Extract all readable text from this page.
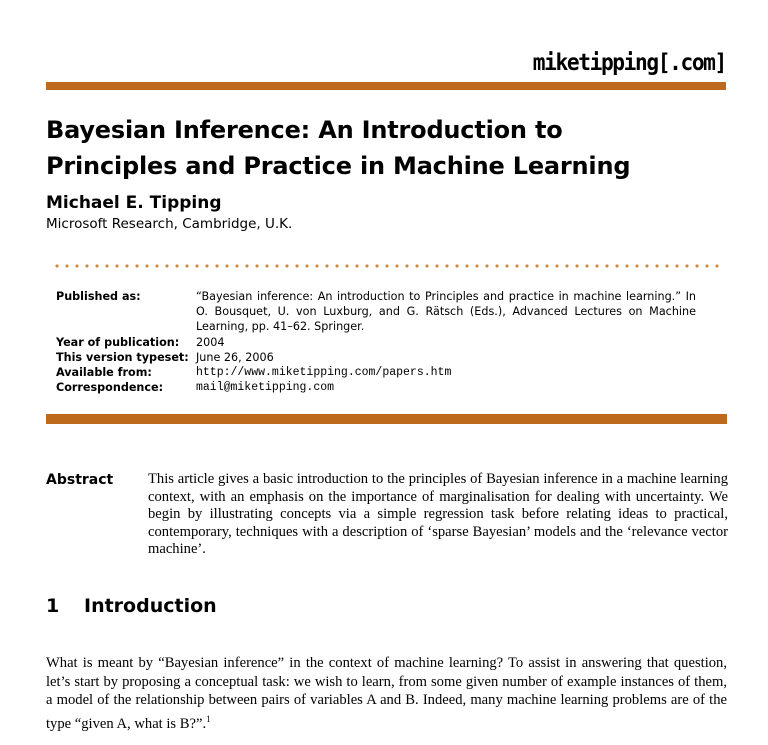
miketipping[.com]
Bayesian Inference: An Introduction to
Principles and Practice in Machine Learning
Michael E. Tipping
Microsoft Research, Cambridge, U.K.
Published as:	“Bayesian inference: An introduction to Principles and practice in machine learning.” In O. Bousquet, U. von Luxburg, and G. Rätsch (Eds.), Advanced Lectures on Machine Learning, pp. 41–62. Springer.
Year of publication:	2004
This version typeset: June 26, 2006
Available from:	http://www.miketipping.com/papers.htm
Correspondence:	mail@miketipping.com
Abstract This article gives a basic introduction to the principles of Bayesian inference in a machine learning context, with an emphasis on the importance of marginalisation for dealing with uncertainty. We begin by illustrating concepts via a simple regression task before relating ideas to practical, contemporary, techniques with a description of ‘sparse Bayesian’ models and the ‘relevance vector machine’.
1 Introduction
What is meant by “Bayesian inference” in the context of machine learning? To assist in answering that question, let’s start by proposing a conceptual task: we wish to learn, from some given number of example instances of them, a model of the relationship between pairs of variables A and B. Indeed, many machine learning problems are of the type “given A, what is B?”.$^1$
